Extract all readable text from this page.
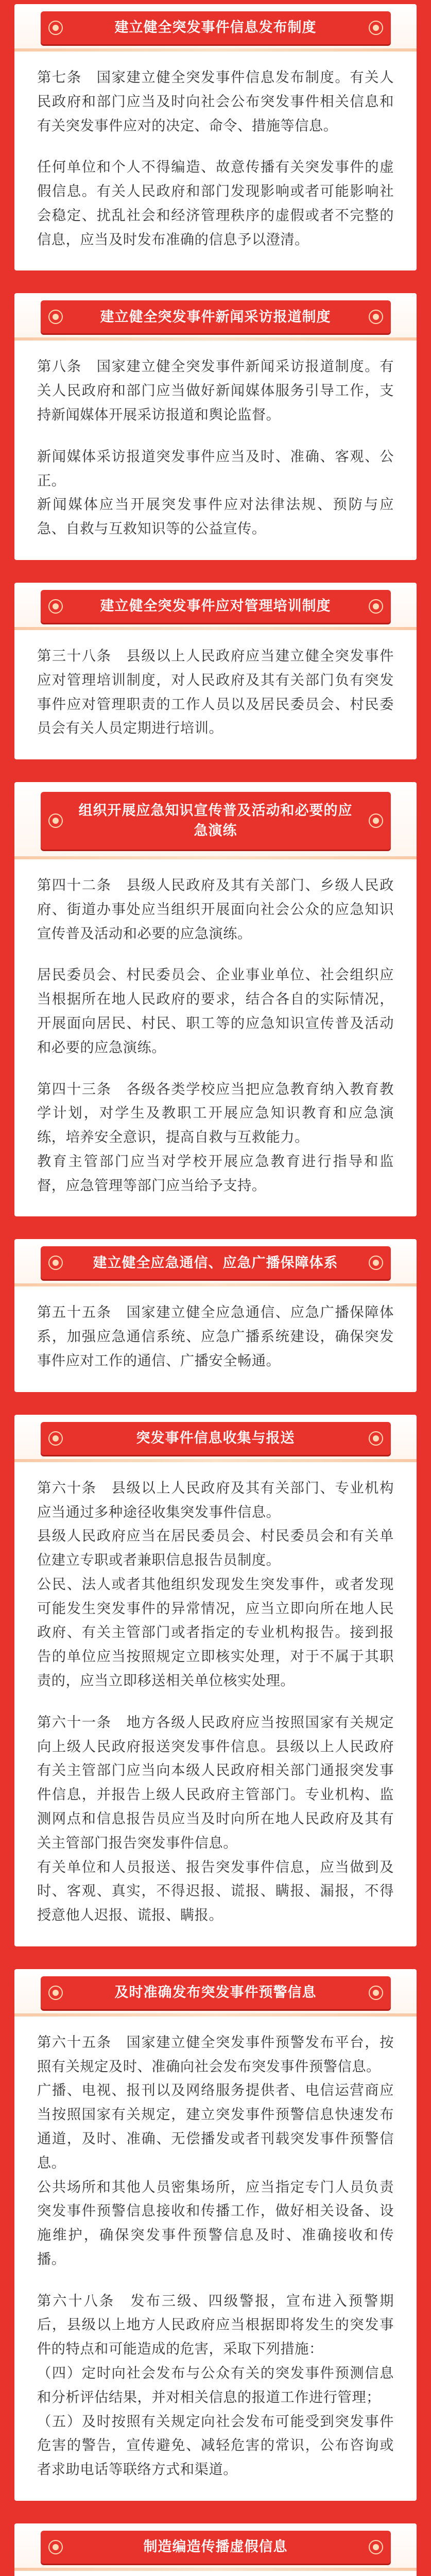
建立健全突发事件信息发布制度

第七条　国家建立健全突发事件信息发布制度。有关人民政府和部门应当及时向社会公布突发事件相关信息和有关突发事件应对的决定、命令、措施等信息。

任何单位和个人不得编造、故意传播有关突发事件的虚假信息。有关人民政府和部门发现影响或者可能影响社会稳定、扰乱社会和经济管理秩序的虚假或者不完整的信息，应当及时发布准确的信息予以澄清。

建立健全突发事件新闻采访报道制度

第八条　国家建立健全突发事件新闻采访报道制度。有关人民政府和部门应当做好新闻媒体服务引导工作，支持新闻媒体开展采访报道和舆论监督。

新闻媒体采访报道突发事件应当及时、准确、客观、公正。

新闻媒体应当开展突发事件应对法律法规、预防与应急、自救与互救知识等的公益宣传。

建立健全突发事件应对管理培训制度

第三十八条　县级以上人民政府应当建立健全突发事件应对管理培训制度，对人民政府及其有关部门负有突发事件应对管理职责的工作人员以及居民委员会、村民委员会有关人员定期进行培训。

组织开展应急知识宣传普及活动和必要的应急演练

第四十二条　县级人民政府及其有关部门、乡级人民政府、街道办事处应当组织开展面向社会公众的应急知识宣传普及活动和必要的应急演练。

居民委员会、村民委员会、企业事业单位、社会组织应当根据所在地人民政府的要求，结合各自的实际情况，开展面向居民、村民、职工等的应急知识宣传普及活动和必要的应急演练。

第四十三条　各级各类学校应当把应急教育纳入教育教学计划，对学生及教职工开展应急知识教育和应急演练，培养安全意识，提高自救与互救能力。

教育主管部门应当对学校开展应急教育进行指导和监督，应急管理等部门应当给予支持。

建立健全应急通信、应急广播保障体系

第五十五条　国家建立健全应急通信、应急广播保障体系，加强应急通信系统、应急广播系统建设，确保突发事件应对工作的通信、广播安全畅通。

突发事件信息收集与报送

第六十条　县级以上人民政府及其有关部门、专业机构应当通过多种途径收集突发事件信息。

县级人民政府应当在居民委员会、村民委员会和有关单位建立专职或者兼职信息报告员制度。

公民、法人或者其他组织发现发生突发事件，或者发现可能发生突发事件的异常情况，应当立即向所在地人民政府、有关主管部门或者指定的专业机构报告。接到报告的单位应当按照规定立即核实处理，对于不属于其职责的，应当立即移送相关单位核实处理。

第六十一条　地方各级人民政府应当按照国家有关规定向上级人民政府报送突发事件信息。县级以上人民政府有关主管部门应当向本级人民政府相关部门通报突发事件信息，并报告上级人民政府主管部门。专业机构、监测网点和信息报告员应当及时向所在地人民政府及其有关主管部门报告突发事件信息。

有关单位和人员报送、报告突发事件信息，应当做到及时、客观、真实，不得迟报、谎报、瞒报、漏报，不得授意他人迟报、谎报、瞒报。

及时准确发布突发事件预警信息

第六十五条　国家建立健全突发事件预警发布平台，按照有关规定及时、准确向社会发布突发事件预警信息。

广播、电视、报刊以及网络服务提供者、电信运营商应当按照国家有关规定，建立突发事件预警信息快速发布通道，及时、准确、无偿播发或者刊载突发事件预警信息。

公共场所和其他人员密集场所，应当指定专门人员负责突发事件预警信息接收和传播工作，做好相关设备、设施维护，确保突发事件预警信息及时、准确接收和传播。

第六十八条　发布三级、四级警报，宣布进入预警期后，县级以上地方人民政府应当根据即将发生的突发事件的特点和可能造成的危害，采取下列措施：

（四）定时向社会发布与公众有关的突发事件预测信息和分析评估结果，并对相关信息的报道工作进行管理；

（五）及时按照有关规定向社会发布可能受到突发事件危害的警告，宣传避免、减轻危害的常识，公布咨询或者求助电话等联络方式和渠道。

制造编造传播虚假信息
